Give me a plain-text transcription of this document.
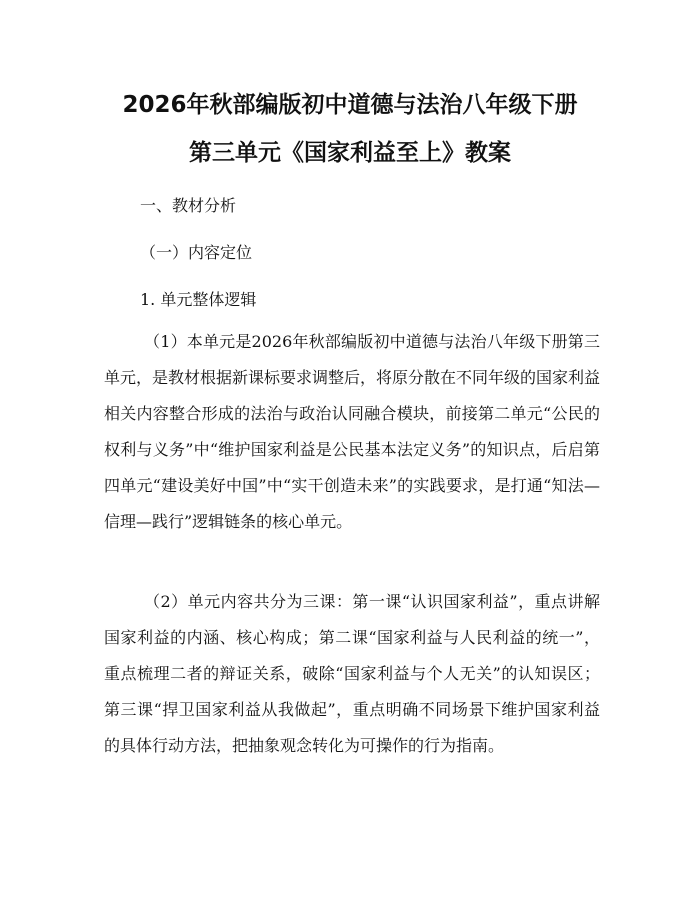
2026年秋部编版初中道德与法治八年级下册
第三单元《国家利益至上》教案
一、教材分析
（一）内容定位
1. 单元整体逻辑

（1）本单元是2026年秋部编版初中道德与法治八年级下册第三单元，是教材根据新课标要求调整后，将原分散在不同年级的国家利益相关内容整合形成的法治与政治认同融合模块，前接第二单元“公民的权利与义务”中“维护国家利益是公民基本法定义务”的知识点，后启第四单元“建设美好中国”中“实干创造未来”的实践要求，是打通“知法—信理—践行”逻辑链条的核心单元。

（2）单元内容共分为三课：第一课“认识国家利益”，重点讲解国家利益的内涵、核心构成；第二课“国家利益与人民利益的统一”，重点梳理二者的辩证关系，破除“国家利益与个人无关”的认知误区；第三课“捍卫国家利益从我做起”，重点明确不同场景下维护国家利益的具体行动方法，把抽象观念转化为可操作的行为指南。
